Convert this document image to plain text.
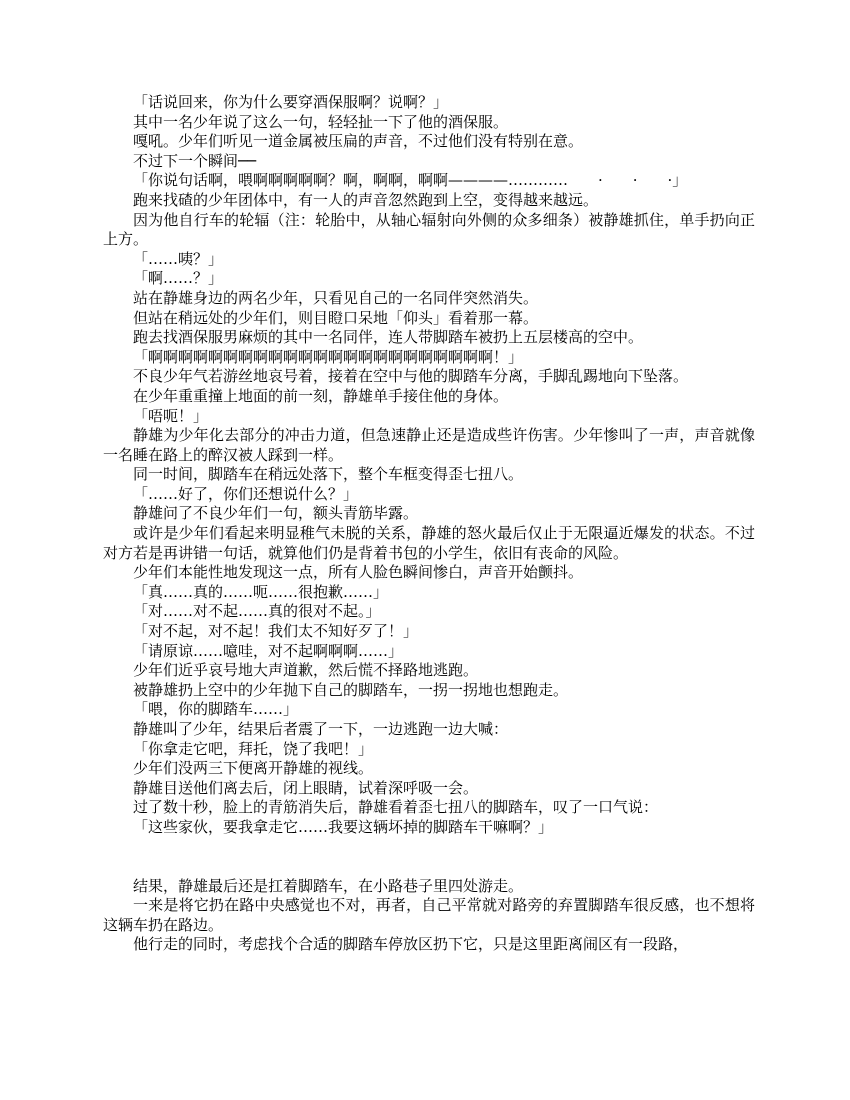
「话说回来，你为什么要穿酒保服啊？说啊？」

其中一名少年说了这么一句，轻轻扯一下了他的酒保服。

嘎吼。少年们听见一道金属被压扁的声音，不过他们没有特别在意。

不过下一个瞬间──

「你说句话啊，喂啊啊啊啊啊？啊，啊啊，啊啊————…………　　·　　·　　·」

跑来找碴的少年团体中，有一人的声音忽然跑到上空，变得越来越远。

因为他自行车的轮辐（注：轮胎中，从轴心辐射向外侧的众多细条）被静雄抓住，单手扔向正上方。

「……咦？」

「啊……？」

站在静雄身边的两名少年，只看见自己的一名同伴突然消失。

但站在稍远处的少年们，则目瞪口呆地「仰头」看着那一幕。

跑去找酒保服男麻烦的其中一名同伴，连人带脚踏车被扔上五层楼高的空中。

「啊啊啊啊啊啊啊啊啊啊啊啊啊啊啊啊啊啊啊啊啊啊啊！」

不良少年气若游丝地哀号着，接着在空中与他的脚踏车分离，手脚乱踢地向下坠落。

在少年重重撞上地面的前一刻，静雄单手接住他的身体。

「唔呃！」

静雄为少年化去部分的冲击力道，但急速静止还是造成些许伤害。少年惨叫了一声，声音就像一名睡在路上的醉汉被人踩到一样。

同一时间，脚踏车在稍远处落下，整个车框变得歪七扭八。

「……好了，你们还想说什么？」

静雄问了不良少年们一句，额头青筋毕露。

或许是少年们看起来明显稚气未脱的关系，静雄的怒火最后仅止于无限逼近爆发的状态。不过对方若是再讲错一句话，就算他们仍是背着书包的小学生，依旧有丧命的风险。

少年们本能性地发现这一点，所有人脸色瞬间惨白，声音开始颤抖。

「真……真的……呃……很抱歉……」

「对……对不起……真的很对不起。」

「对不起，对不起！我们太不知好歹了！」

「请原谅……噫哇，对不起啊啊啊……」

少年们近乎哀号地大声道歉，然后慌不择路地逃跑。

被静雄扔上空中的少年抛下自己的脚踏车，一拐一拐地也想跑走。

「喂，你的脚踏车……」

静雄叫了少年，结果后者震了一下，一边逃跑一边大喊：

「你拿走它吧，拜托，饶了我吧！」

少年们没两三下便离开静雄的视线。

静雄目送他们离去后，闭上眼睛，试着深呼吸一会。

过了数十秒，脸上的青筋消失后，静雄看着歪七扭八的脚踏车，叹了一口气说：

「这些家伙，要我拿走它……我要这辆坏掉的脚踏车干嘛啊？」

结果，静雄最后还是扛着脚踏车，在小路巷子里四处游走。

一来是将它扔在路中央感觉也不对，再者，自己平常就对路旁的弃置脚踏车很反感，也不想将这辆车扔在路边。

他行走的同时，考虑找个合适的脚踏车停放区扔下它，只是这里距离闹区有一段路，
